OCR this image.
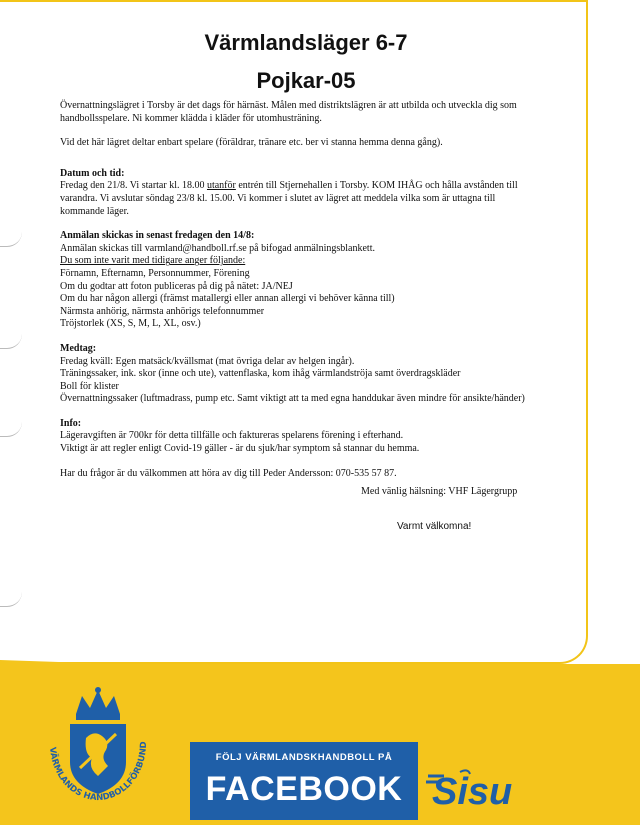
Värmlandsläger 6-7
Pojkar-05

Övernattningslägret i Torsby är det dags för härnäst. Målen med distriktslägren är att utbilda och utveckla dig som

handbollsspelare. Ni kommer klädda i kläder för utomhusträning.

Vid det här lägret deltar enbart spelare (föräldrar, tränare etc. ber vi stanna hemma denna gång).

Datum och tid:

Fredag den 21/8. Vi startar kl. 18.00 utanför entrén till Stjernehallen i Torsby. KOM IHÅG och hålla avstånden till

varandra. Vi avslutar söndag 23/8 kl. 15.00. Vi kommer i slutet av lägret att meddela vilka som är uttagna till

kommande läger.

Anmälan skickas in senast fredagen den 14/8:

Anmälan skickas till varmland@handboll.rf.se på bifogad anmälningsblankett.

Du som inte varit med tidigare anger följande:

Förnamn, Efternamn, Personnummer, Förening

Om du godtar att foton publiceras på dig på nätet: JA/NEJ

Om du har någon allergi (främst matallergi eller annan allergi vi behöver känna till)

Närmsta anhörig, närmsta anhörigs telefonnummer

Tröjstorlek (XS, S, M, L, XL, osv.)

Medtag:

Fredag kväll: Egen matsäck/kvällsmat (mat övriga delar av helgen ingår).

Träningssaker, ink. skor (inne och ute), vattenflaska, kom ihåg värmlandströja samt överdragskläder

Boll för klister

Övernattningssaker (luftmadrass, pump etc. Samt viktigt att ta med egna handdukar även mindre för ansikte/händer)

Info:

Lägeravgiften är 700kr för detta tillfälle och faktureras spelarens förening i efterhand.

Viktigt är att regler enligt Covid-19 gäller - är du sjuk/har symptom så stannar du hemma.

Har du frågor är du välkommen att höra av dig till Peder Andersson: 070-535 57 87.

Med vänlig hälsning: VHF Lägergrupp
Varmt välkomna!
VÄRMLANDS HANDBOLLFÖRBUND
FÖLJ VÄRMLANDSKHANDBOLL PÅ
FACEBOOK Sisu
